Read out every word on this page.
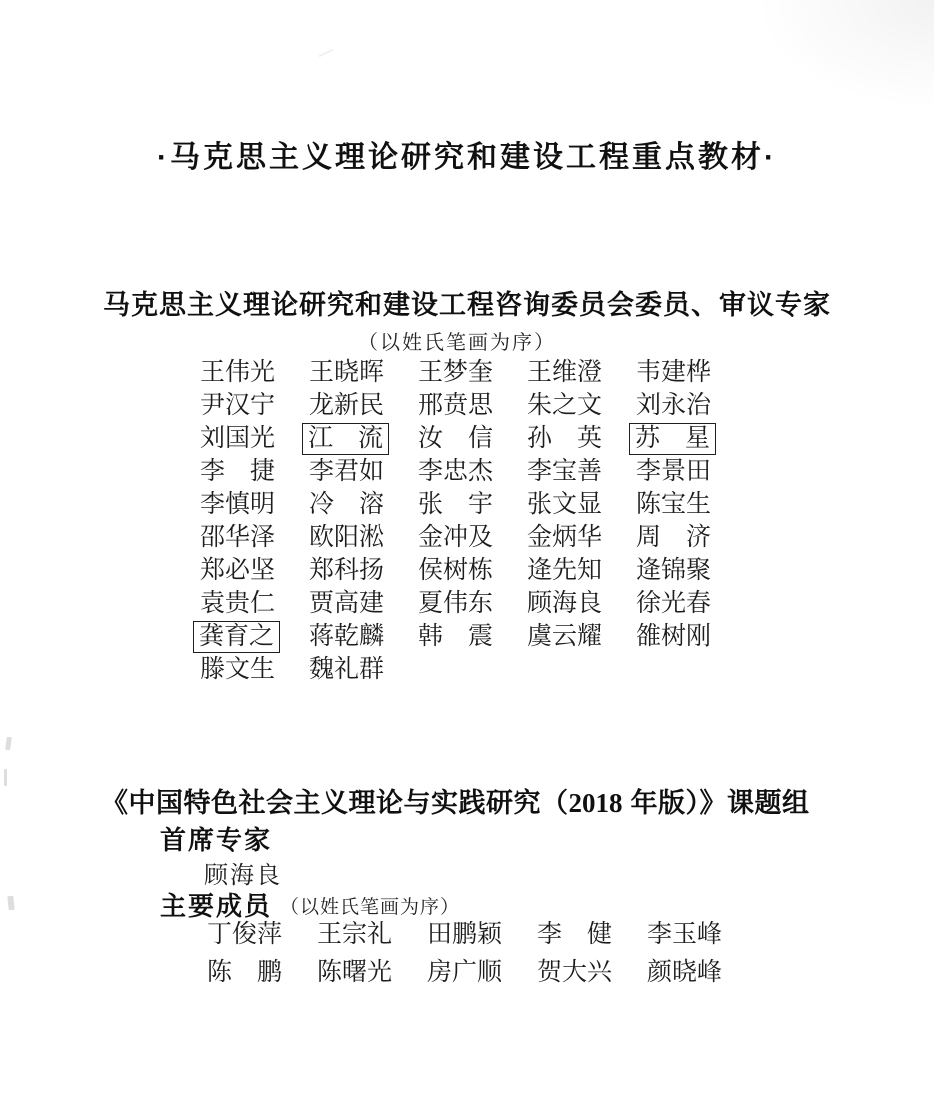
·马克思主义理论研究和建设工程重点教材·
马克思主义理论研究和建设工程咨询委员会委员、审议专家
（以姓氏笔画为序）
王伟光 王晓晖 王梦奎 王维澄 韦建桦
尹汉宁 龙新民 邢贲思 朱之文 刘永治
刘国光 江　流 汝　信 孙　英 苏　星
李　捷 李君如 李忠杰 李宝善 李景田
李慎明 冷　溶 张　宇 张文显 陈宝生
邵华泽 欧阳淞 金冲及 金炳华 周　济
郑必坚 郑科扬 侯树栋 逄先知 逄锦聚
袁贵仁 贾高建 夏伟东 顾海良 徐光春
龚育之 蒋乾麟 韩　震 虞云耀 雒树刚
滕文生 魏礼群
《中国特色社会主义理论与实践研究（2018 年版）》课题组
首席专家
顾海良
主要成员 （以姓氏笔画为序）
丁俊萍 王宗礼 田鹏颖 李　健 李玉峰
陈　鹏 陈曙光 房广顺 贺大兴 颜晓峰
